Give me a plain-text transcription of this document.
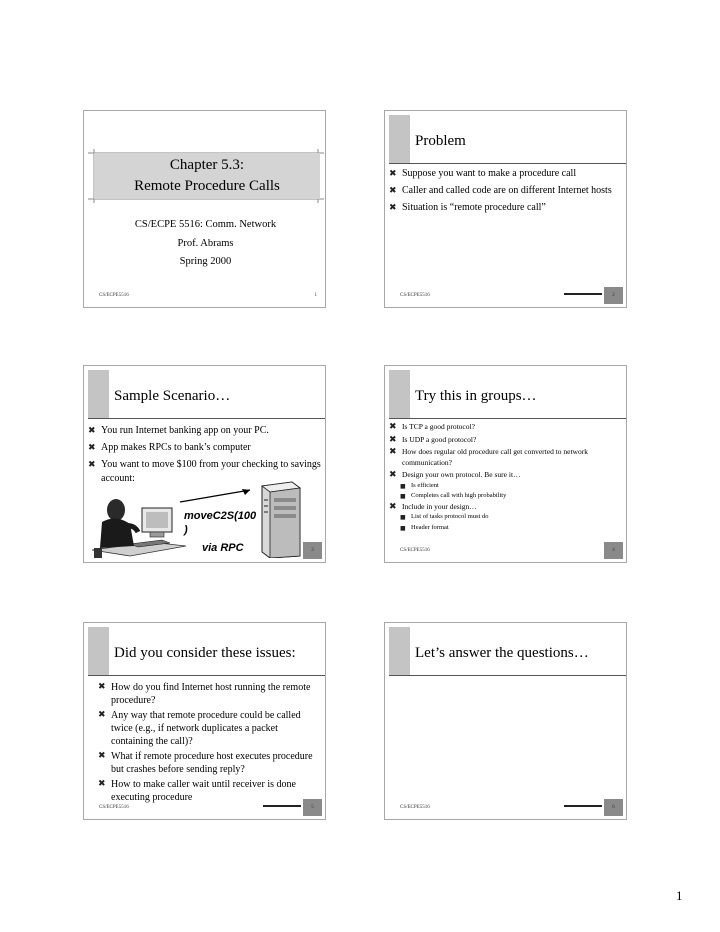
Chapter 5.3:
Remote Procedure Calls
CS/ECPE 5516: Comm. Network
Prof. Abrams
Spring 2000
CS/ECPE5516	1
Problem
✖ Suppose you want to make a procedure call
✖ Caller and called code are on different Internet hosts
✖ Situation is “remote procedure call”
CS/ECPE5516	2
Sample Scenario…
✖ You run Internet banking app on your PC.
✖ App makes RPCs to bank’s computer
✖ You want to move $100 from your checking to savings account:
moveC2S(100
)
via RPC	3
Try this in groups…
✖ Is TCP a good protocol?
✖ Is UDP a good protocol?
✖ How does regular old procedure call get converted to network communication?
✖ Design your own protocol. Be sure it…
■ Is efficient
■ Completes call with high probability
✖ Include in your design…
■ List of tasks protocol must do
■ Header format
CS/ECPE5516	4
Did you consider these issues:
✖ How do you find Internet host running the remote procedure?
✖ Any way that remote procedure could be called twice (e.g., if network duplicates a packet containing the call)?
✖ What if remote procedure host executes procedure but crashes before sending reply?
✖ How to make caller wait until receiver is done executing procedure
CS/ECPE5516	5
Let’s answer the questions…
CS/ECPE5516	6
1
